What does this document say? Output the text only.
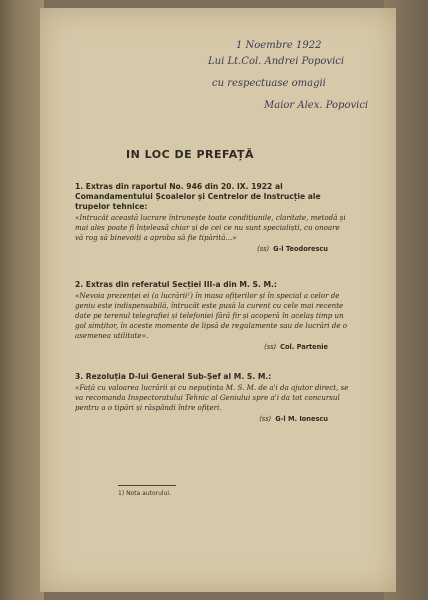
1 Noembre 1922
Lui Lt.Col. Andrei Popovici
cu respectuase omagii
Maior Alex. Popovici
IN LOC DE PREFAȚĂ
1. Extras din raportul No. 946 din 20. IX. 1922 al Comandamentului Școalelor și Centrelor de Instrucție ale trupelor tehnice:
«Intrucât această lucrare întrunește toate condițiunile, claritate, metodă și mai ales poate fi înțeleasă chiar și de cei ce nu sunt specialiști, cu onoare vă rog să binevoiți a aproba să fie tipărită...»
(ss) G-l Teodorescu
2. Extras din referatul Secției III-a din M. S. M.:
«Nevoia prezenței ei (a lucrării¹) în masa ofițerilor și în special a celor de geniu este indispensabilă, întrucât este pusă la curent cu cele mai recente date pe terenul telegrafiei și telefoniei fără fir și acoperă în acelaș timp un gol simțitor, în aceste momente de lipsă de regulamente sau de lucrări de o asemenea utilitate».
(ss) Col. Partenie
3. Rezoluția D-lui General Sub-Șef al M. S. M.:
«Față cu valoarea lucrării și cu nepuțința M. S. M. de a'i da ajutor direct, se va recomanda Inspectoratului Tehnic al Geniului spre a'i da tot concursul pentru a o tipări și răspândi între ofițeri.
(ss) G-l M. Ionescu
1) Nota autorului.
